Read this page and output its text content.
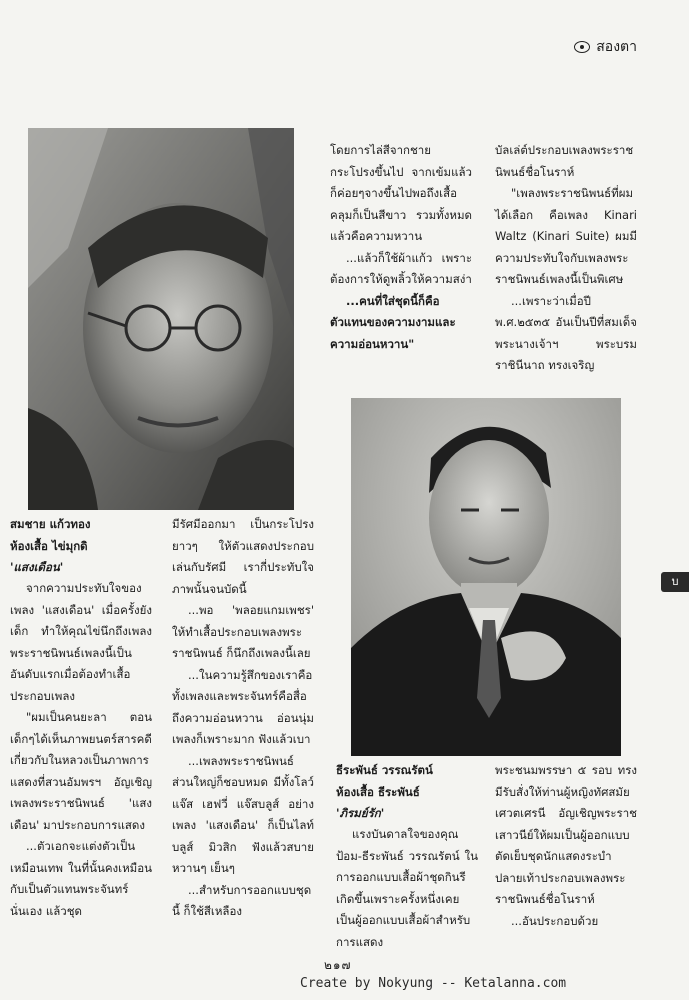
สองตา

โดยการไล่สีจากชายกระโปรงขึ้นไป จากเข้มแล้วก็ค่อยๆจางขึ้นไปพอถึงเสื้อคลุมก็เป็นสีขาว รวมทั้งหมดแล้วคือความหวาน

...แล้วก็ใช้ผ้าแก้ว เพราะต้องการให้ดูพลิ้วให้ความสง่า

...คนที่ใส่ชุดนี้ก็คือตัวแทนของความงามและความอ่อนหวาน"

บัลเล่ต์ประกอบเพลงพระราชนิพนธ์ชื่อโนราห์

"เพลงพระราชนิพนธ์ที่ผมได้เลือก คือเพลง Kinari Waltz (Kinari Suite) ผมมีความประทับใจกับเพลงพระราชนิพนธ์เพลงนี้เป็นพิเศษ

...เพราะว่าเมื่อปี พ.ศ.๒๕๓๕ อันเป็นปีที่สมเด็จพระนางเจ้าฯ พระบรมราชินีนาถ ทรงเจริญ

สมชาย แก้วทอง
ห้องเสื้อ ไข่มุกดิ
'แสงเดือน'

จากความประทับใจของเพลง 'แสงเดือน' เมื่อครั้งยังเด็ก ทำให้คุณไข่นึกถึงเพลงพระราชนิพนธ์เพลงนี้เป็นอันดับแรกเมื่อต้องทำเสื้อประกอบเพลง

"ผมเป็นคนยะลา ตอนเด็กๆได้เห็นภาพยนตร์สารคดีเกี่ยวกับในหลวงเป็นภาพการแสดงที่สวนอัมพรฯ อัญเชิญเพลงพระราชนิพนธ์ 'แสงเดือน' มาประกอบการแสดง

...ตัวเอกจะแต่งตัวเป็นเหมือนเทพ ในที่นั้นคงเหมือนกับเป็นตัวแทนพระจันทร์นั่นเอง แล้วชุด

มีรัศมีออกมา เป็นกระโปรงยาวๆ ให้ตัวแสดงประกอบเล่นกับรัศมี เรากี่ประทับใจภาพนั้นจนบัดนี้

...พอ 'พลอยแกมเพชร' ให้ทำเสื้อประกอบเพลงพระราชนิพนธ์ ก็นึกถึงเพลงนี้เลย

...ในความรู้สึกของเราคือ ทั้งเพลงและพระจันทร์คือสื่อถึงความอ่อนหวาน อ่อนนุ่ม เพลงก็เพราะมาก ฟังแล้วเบา

...เพลงพระราชนิพนธ์ส่วนใหญ่ก็ชอบหมด มีทั้งโลว์ แจ๊ส เฮฟวี่ แจ๊สบลูส์ อย่างเพลง 'แสงเดือน' ก็เป็นไลท์ บลูส์ มิวสิก ฟังแล้วสบาย หวานๆ เย็นๆ

...สำหรับการออกแบบชุดนี้ ก็ใช้สีเหลือง

ธีระพันธ์ วรรณรัตน์
ห้องเสื้อ ธีระพันธ์
'ภิรมย์รัก'

แรงบันดาลใจของคุณป้อม-ธีระพันธ์ วรรณรัตน์ ในการออกแบบเสื้อผ้าชุดกินรี เกิดขึ้นเพราะครั้งหนึ่งเคยเป็นผู้ออกแบบเสื้อผ้าสำหรับการแสดง

พระชนมพรรษา ๕ รอบ ทรงมีรับสั่งให้ท่านผู้หญิงทัศสมัย เศวตเศรนี อัญเชิญพระราชเสาวนีย์ให้ผมเป็นผู้ออกแบบตัดเย็บชุดนักแสดงระบำปลายเท้าประกอบเพลงพระราชนิพนธ์ชื่อโนราห์

...อันประกอบด้วย

บ
๒๑๗
Create by Nokyung -- Ketalanna.com
